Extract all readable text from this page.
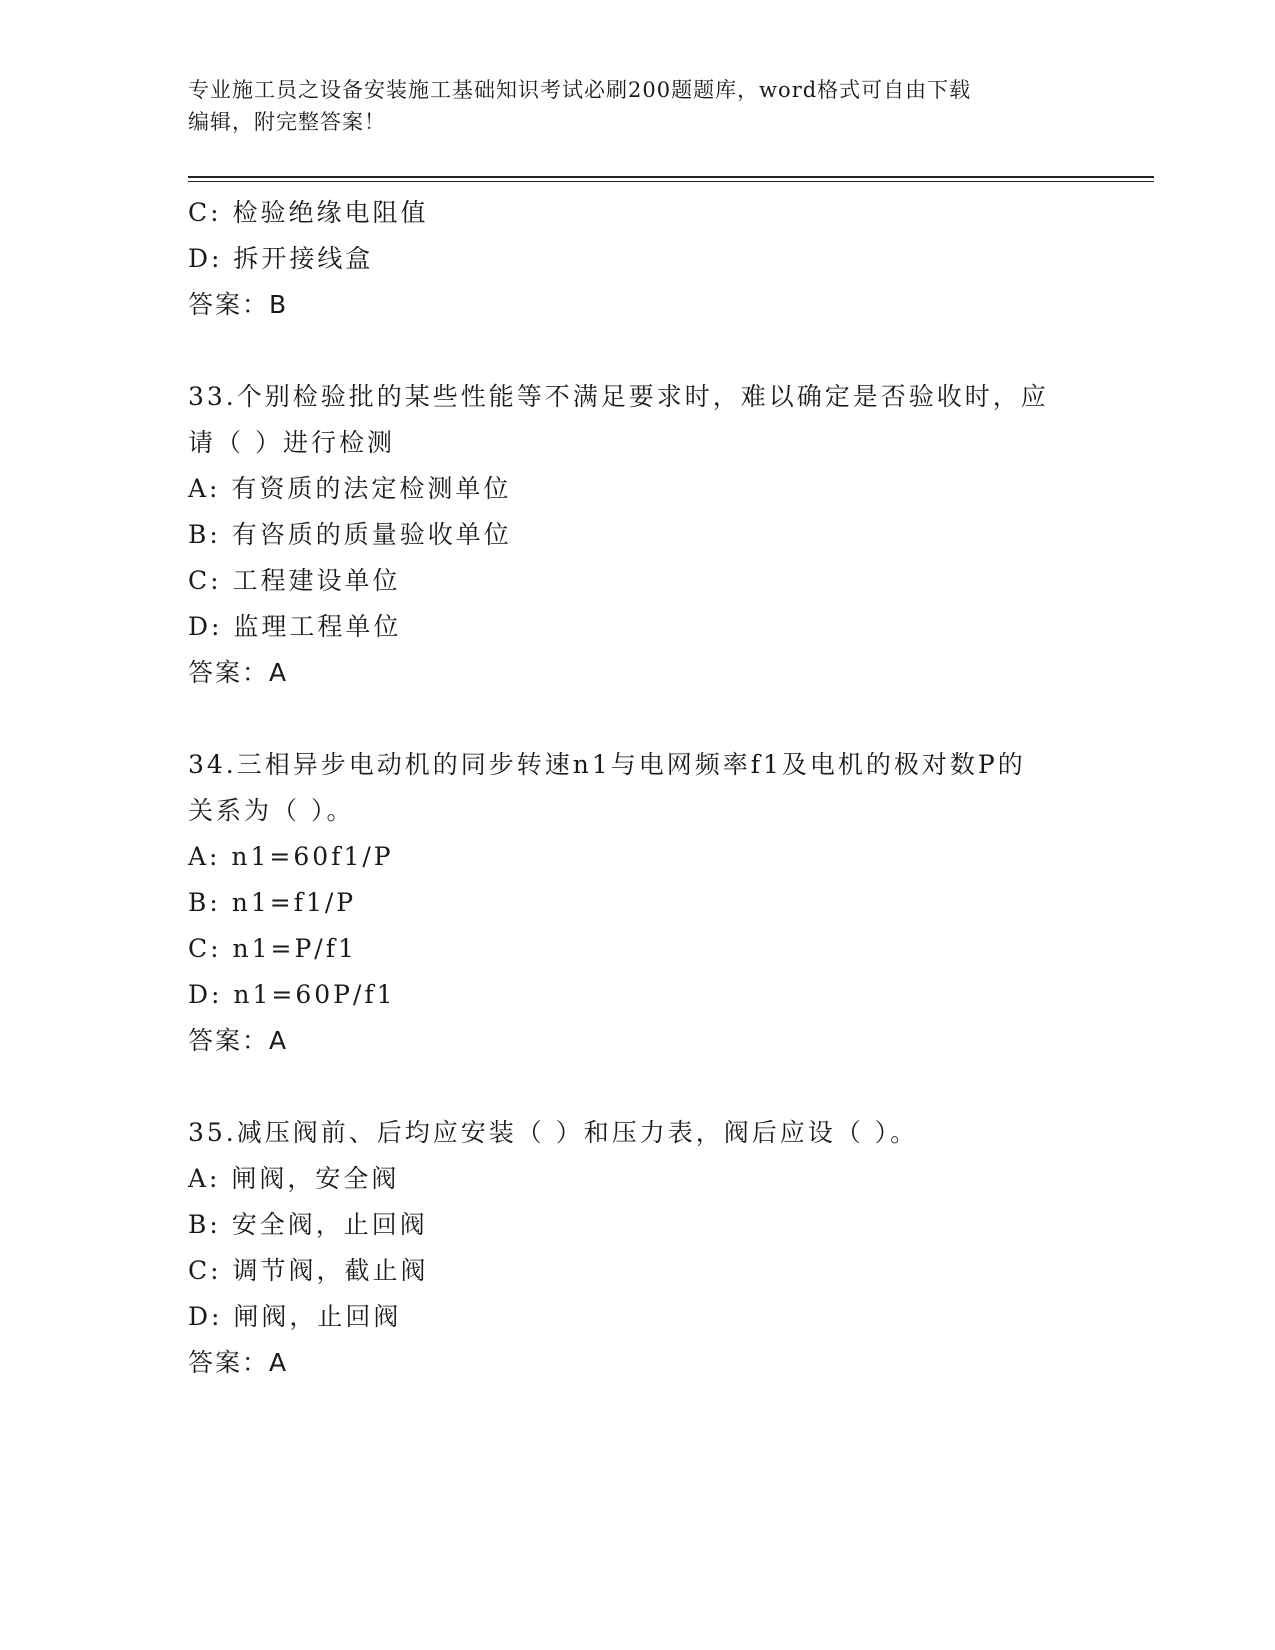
专业施工员之设备安装施工基础知识考试必刷200题题库，word格式可自由下载
编辑，附完整答案！
C: 检验绝缘电阻值
D: 拆开接线盒
答案：B
33.个别检验批的某些性能等不满足要求时，难以确定是否验收时，应
请（ ）进行检测
A: 有资质的法定检测单位
B: 有咨质的质量验收单位
C: 工程建设单位
D: 监理工程单位
答案：A
34.三相异步电动机的同步转速n1与电网频率f1及电机的极对数P的
关系为（ ）。
A: n1=60f1/P
B: n1=f1/P
C: n1=P/f1
D: n1=60P/f1
答案：A
35.减压阀前、后均应安装（ ）和压力表，阀后应设（ ）。
A: 闸阀，安全阀
B: 安全阀，止回阀
C: 调节阀，截止阀
D: 闸阀，止回阀
答案：A
